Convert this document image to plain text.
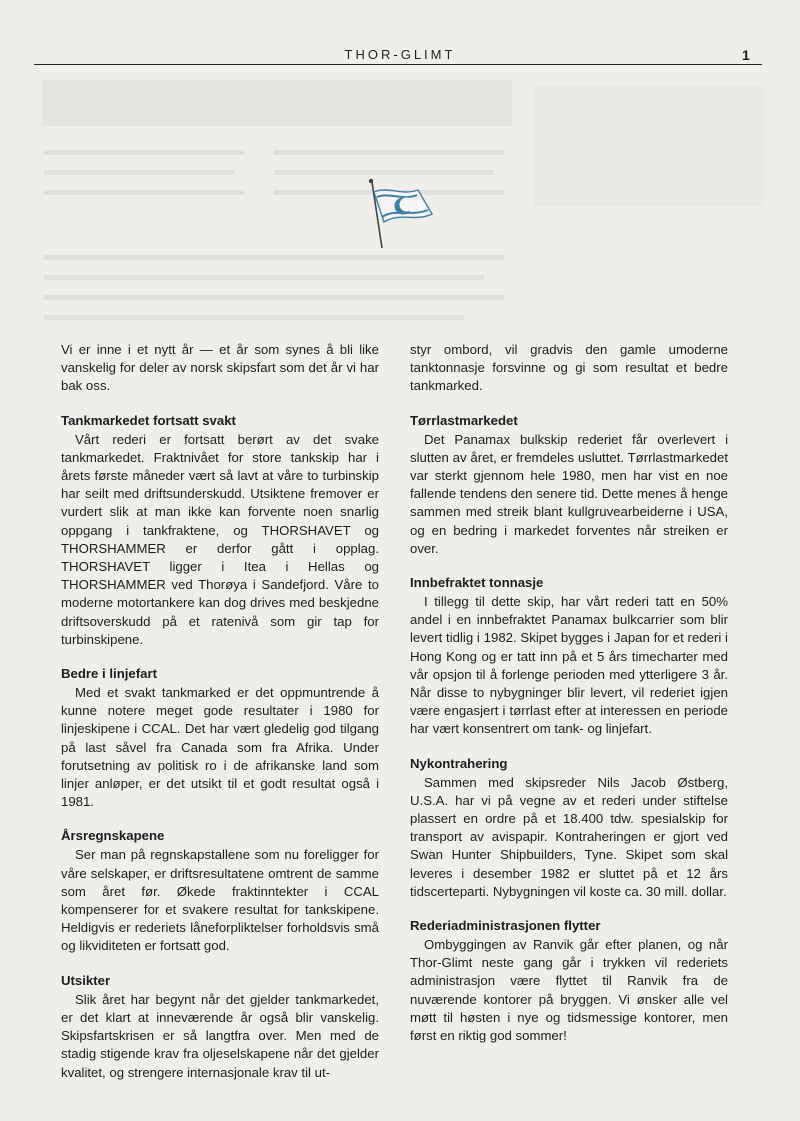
THOR-GLIMT	1

Vi er inne i et nytt år — et år som synes å bli like vanskelig for deler av norsk skipsfart som det år vi har bak oss.

Tankmarkedet fortsatt svakt

Vårt rederi er fortsatt berørt av det svake tankmarkedet. Fraktnivået for store tankskip har i årets første måneder vært så lavt at våre to turbinskip har seilt med driftsunderskudd. Utsiktene fremover er vurdert slik at man ikke kan forvente noen snarlig oppgang i tankfraktene, og THORSHAVET og THORSHAMMER er derfor gått i opplag. THORSHAVET ligger i Itea i Hellas og THORSHAMMER ved Thorøya i Sandefjord. Våre to moderne motortankere kan dog drives med beskjedne driftsoverskudd på et ratenivå som gir tap for turbinskipene.

Bedre i linjefart

Med et svakt tankmarked er det oppmuntrende å kunne notere meget gode resultater i 1980 for linjeskipene i CCAL. Det har vært gledelig god tilgang på last såvel fra Canada som fra Afrika. Under forutsetning av politisk ro i de afrikanske land som linjer anløper, er det utsikt til et godt resultat også i 1981.

Årsregnskapene

Ser man på regnskapstallene som nu foreligger for våre selskaper, er driftsresultatene omtrent de samme som året før. Økede fraktinntekter i CCAL kompenserer for et svakere resultat for tankskipene. Heldigvis er rederiets låneforpliktelser forholdsvis små og likviditeten er fortsatt god.

Utsikter

Slik året har begynt når det gjelder tankmarkedet, er det klart at inneværende år også blir vanskelig. Skipsfartskrisen er så langtfra over. Men med de stadig stigende krav fra oljeselskapene når det gjelder kvalitet, og strengere internasjonale krav til ut-

styr ombord, vil gradvis den gamle umoderne tanktonnasje forsvinne og gi som resultat et bedre tankmarked.

Tørrlastmarkedet

Det Panamax bulkskip rederiet får overlevert i slutten av året, er fremdeles usluttet. Tørrlastmarkedet var sterkt gjennom hele 1980, men har vist en noe fallende tendens den senere tid. Dette menes å henge sammen med streik blant kullgruvearbeiderne i USA, og en bedring i markedet forventes når streiken er over.

Innbefraktet tonnasje

I tillegg til dette skip, har vårt rederi tatt en 50% andel i en innbefraktet Panamax bulkcarrier som blir levert tidlig i 1982. Skipet bygges i Japan for et rederi i Hong Kong og er tatt inn på et 5 års timecharter med vår opsjon til å forlenge perioden med ytterligere 3 år. Når disse to nybygninger blir levert, vil rederiet igjen være engasjert i tørrlast efter at interessen en periode har vært konsentrert om tank- og linjefart.

Nykontrahering

Sammen med skipsreder Nils Jacob Østberg, U.S.A. har vi på vegne av et rederi under stiftelse plassert en ordre på et 18.400 tdw. spesialskip for transport av avispapir. Kontraheringen er gjort ved Swan Hunter Shipbuilders, Tyne. Skipet som skal leveres i desember 1982 er sluttet på et 12 års tidscerteparti. Nybygningen vil koste ca. 30 mill. dollar.

Rederiadministrasjonen flytter

Ombyggingen av Ranvik går efter planen, og når Thor-Glimt neste gang går i trykken vil rederiets administrasjon være flyttet til Ranvik fra de nuværende kontorer på bryggen. Vi ønsker alle vel møtt til høsten i nye og tidsmessige kontorer, men først en riktig god sommer!
